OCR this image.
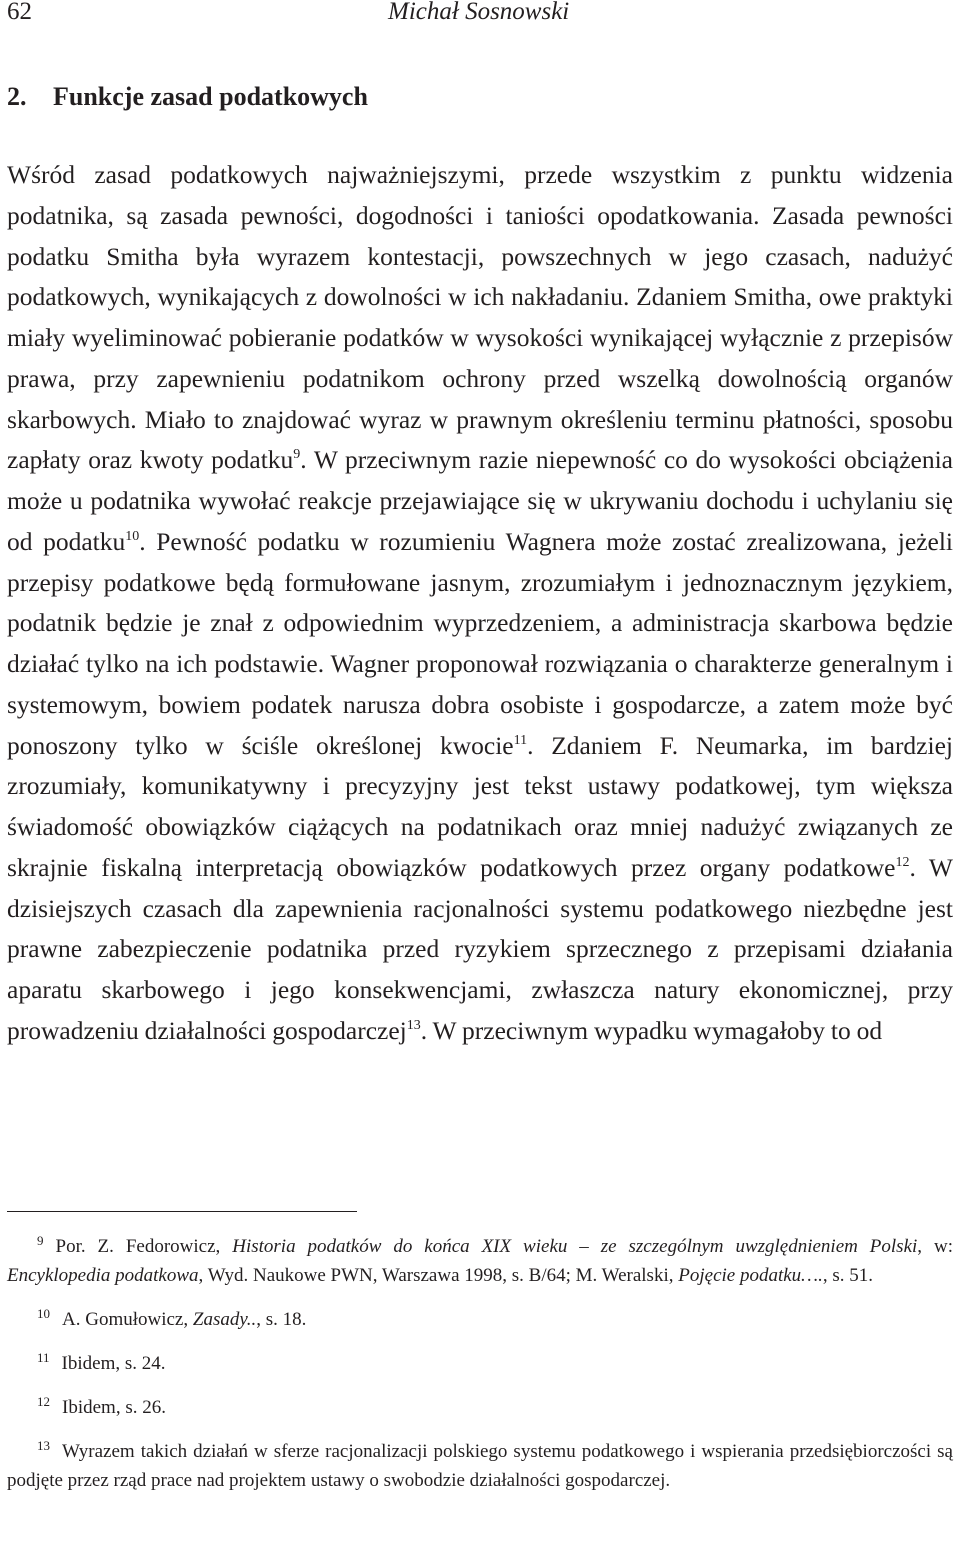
62	Michał Sosnowski
2. Funkcje zasad podatkowych

Wśród zasad podatkowych najważniejszymi, przede wszystkim z punktu widzenia podatnika, są zasada pewności, dogodności i taniości opodatkowania. Zasada pewności podatku Smitha była wyrazem kontestacji, powszechnych w jego czasach, nadużyć podatkowych, wynikających z dowolności w ich nakładaniu. Zdaniem Smitha, owe praktyki miały wyeliminować pobieranie podatków w wysokości wynikającej wyłącznie z przepisów prawa, przy zapewnieniu podatnikom ochrony przed wszelką dowolnością organów skarbowych. Miało to znajdować wyraz w prawnym określeniu terminu płatności, sposobu zapłaty oraz kwoty podatku$^9$. W przeciwnym razie niepewność co do wysokości obciążenia może u podatnika wywołać reakcje przejawiające się w ukrywaniu dochodu i uchylaniu się od podatku$^{10}$. Pewność podatku w rozumieniu Wagnera może zostać zrealizowana, jeżeli przepisy podatkowe będą formułowane jasnym, zrozumiałym i jednoznacznym językiem, podatnik będzie je znał z odpowiednim wyprzedzeniem, a administracja skarbowa będzie działać tylko na ich podstawie. Wagner proponował rozwiązania o charakterze generalnym i systemowym, bowiem podatek narusza dobra osobiste i gospodarcze, a zatem może być ponoszony tylko w ściśle określonej kwocie$^{11}$. Zdaniem F. Neumarka, im bardziej zrozumiały, komunikatywny i precyzyjny jest tekst ustawy podatkowej, tym większa świadomość obowiązków ciążących na podatnikach oraz mniej nadużyć związanych ze skrajnie fiskalną interpretacją obowiązków podatkowych przez organy podatkowe$^{12}$. W dzisiejszych czasach dla zapewnienia racjonalności systemu podatkowego niezbędne jest prawne zabezpieczenie podatnika przed ryzykiem sprzecznego z przepisami działania aparatu skarbowego i jego konsekwencjami, zwłaszcza natury ekonomicznej, przy prowadzeniu działalności gospodarczej$^{13}$. W przeciwnym wypadku wymagałoby to od

$^9$ Por. Z. Fedorowicz, Historia podatków do końca XIX wieku – ze szczególnym uwzględnieniem Polski, w: Encyklopedia podatkowa, Wyd. Naukowe PWN, Warszawa 1998, s. B/64; M. Weralski, Pojęcie podatku…., s. 51.

$^{10}$ A. Gomułowicz, Zasady.., s. 18.

$^{11}$ Ibidem, s. 24.

$^{12}$ Ibidem, s. 26.

$^{13}$ Wyrazem takich działań w sferze racjonalizacji polskiego systemu podatkowego i wspierania przedsiębiorczości są podjęte przez rząd prace nad projektem ustawy o swobodzie działalności gospodarczej.
